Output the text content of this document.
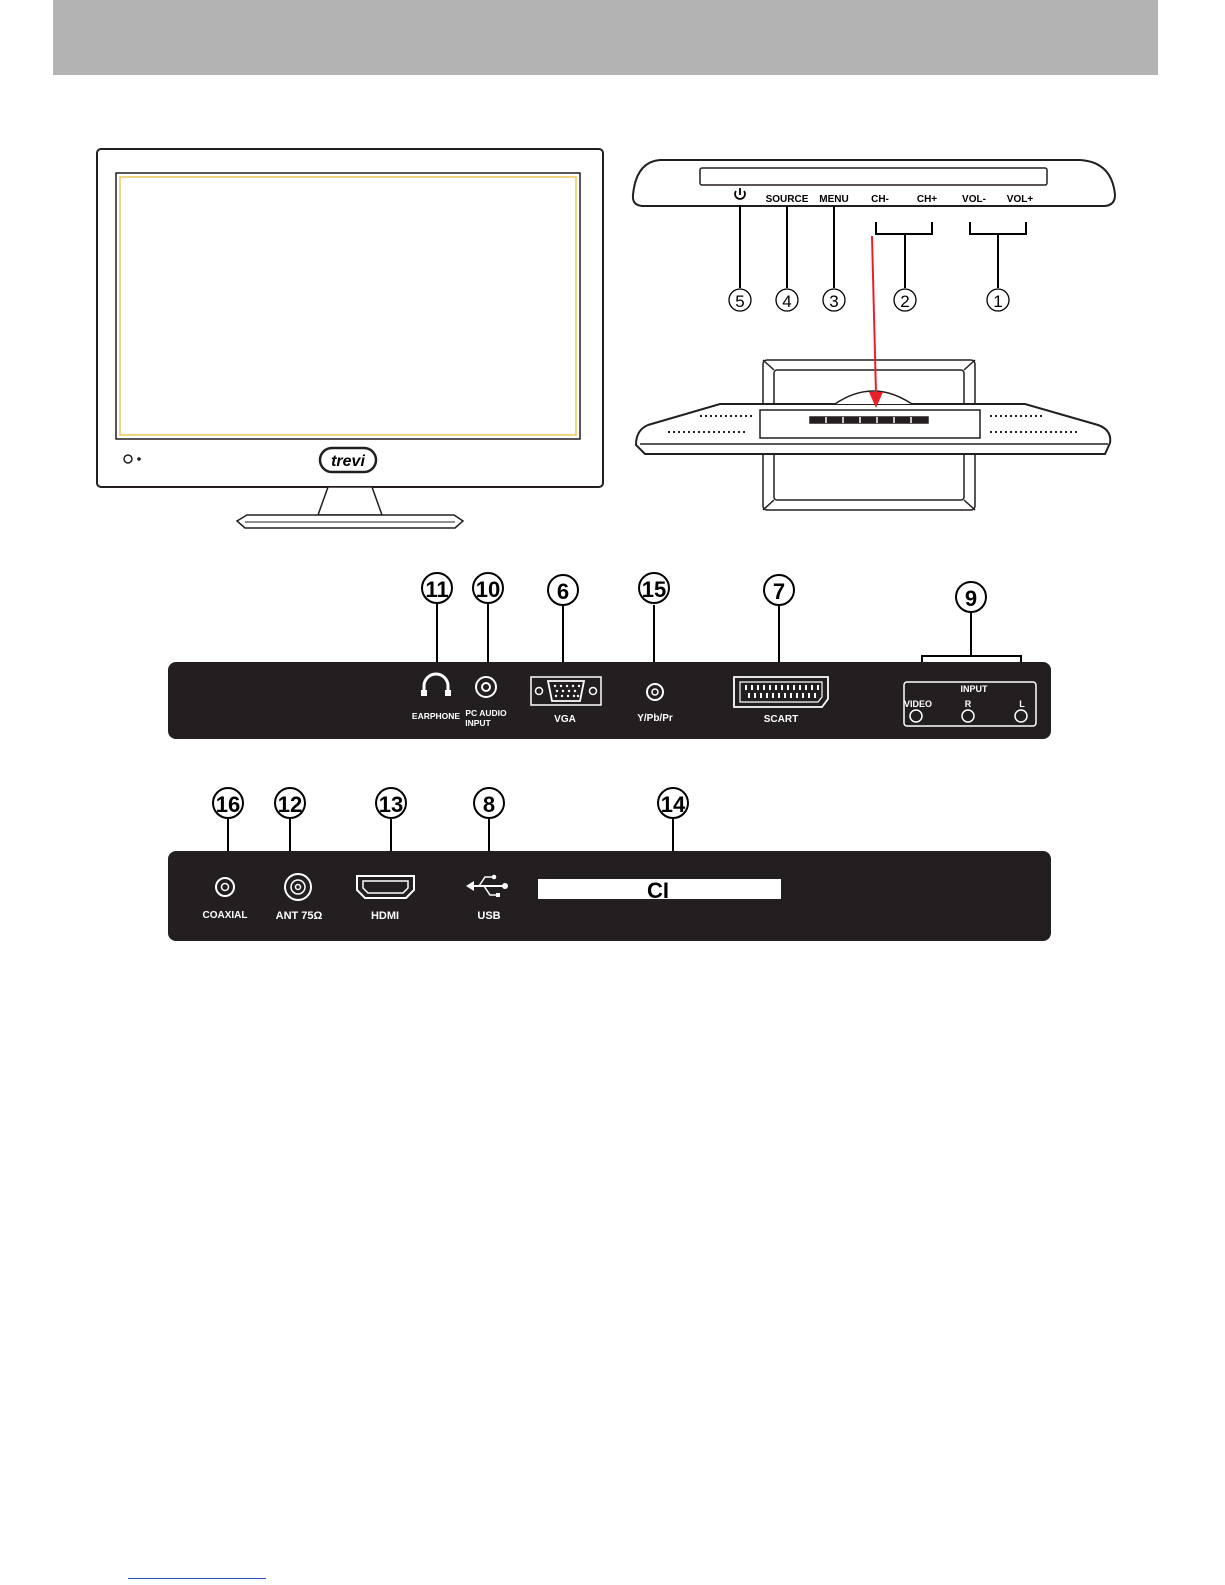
trevi
SOURCE MENU CH-	CH+ VOL- VOL+
5 4 3	2	1
11 10	6	15	7	9
EARPHONE PC AUDIO
INPUT	VGA	Y/Pb/Pr	SCART
INPUT
VIDEO	R	L
16 12	13	8	14
COAXIAL	ANT 75Ω	HDMI	USB
CI
